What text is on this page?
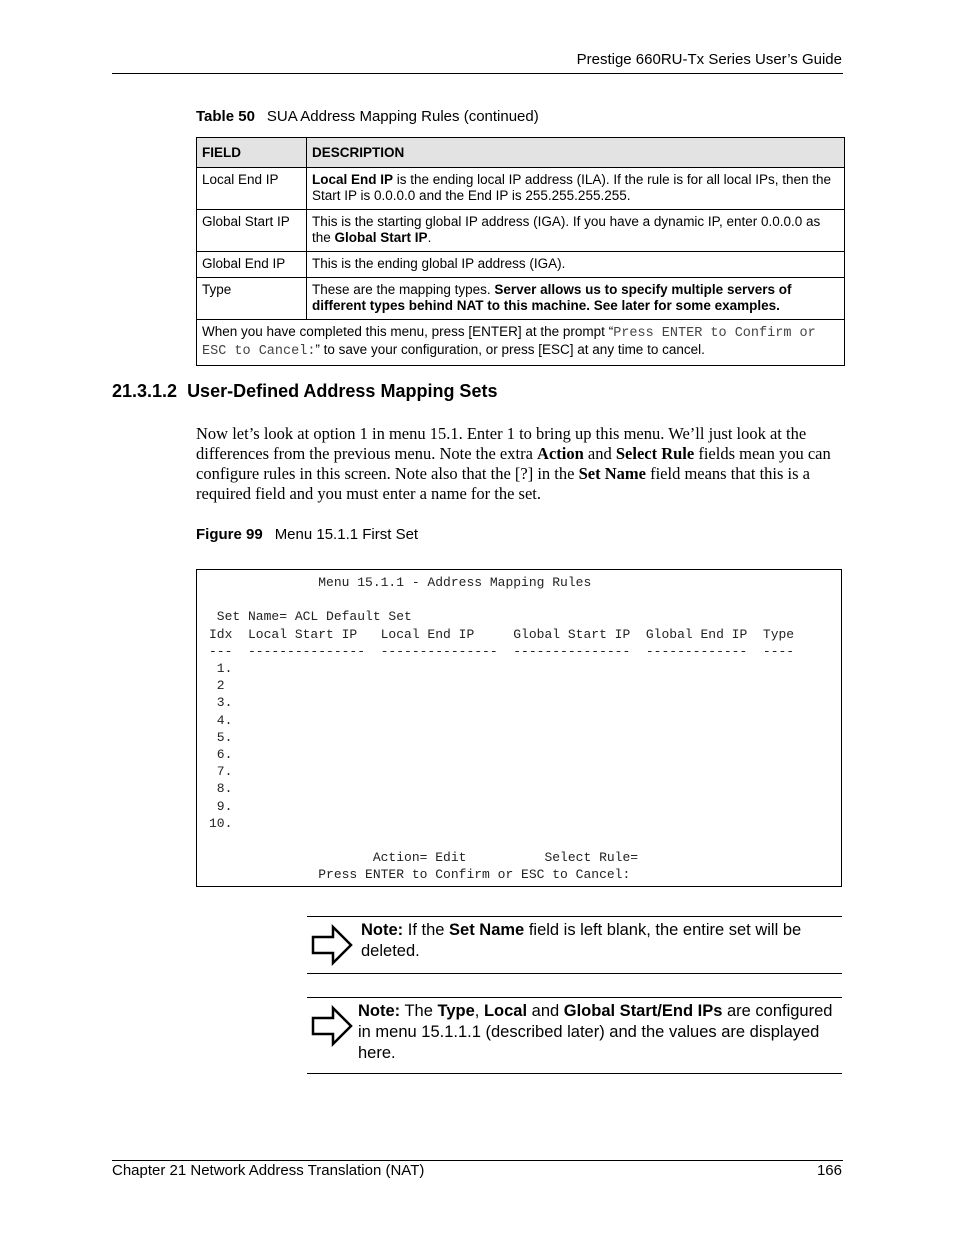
Prestige 660RU-Tx Series User’s Guide
Table 50 SUA Address Mapping Rules (continued)
FIELD	DESCRIPTION
Local End IP	Local End IP is the ending local IP address (ILA). If the rule is for all local IPs, then the Start IP is 0.0.0.0 and the End IP is 255.255.255.255.
Global Start IP	This is the starting global IP address (IGA). If you have a dynamic IP, enter 0.0.0.0 as the Global Start IP.
Global End IP	This is the ending global IP address (IGA).
Type	These are the mapping types. Server allows us to specify multiple servers of different types behind NAT to this machine. See later for some examples.
When you have completed this menu, press [ENTER] at the prompt “Press ENTER to Confirm or ESC to Cancel:” to save your configuration, or press [ESC] at any time to cancel.	
21.3.1.2 User-Defined Address Mapping Sets
Now let’s look at option 1 in menu 15.1. Enter 1 to bring up this menu. We’ll just look at the differences from the previous menu. Note the extra Action and Select Rule fields mean you can configure rules in this screen. Note also that the [?] in the Set Name field means that this is a required field and you must enter a name for the set.
Figure 99 Menu 15.1.1 First Set
Menu 15.1.1 - Address Mapping Rules

Set Name= ACL Default Set
Idx  Local Start IP   Local End IP     Global Start IP  Global End IP  Type
---  ---------------  ---------------  ---------------  -------------  ----
1.
2
3.
4.
5.
6.
7.
8.
9.
10.

Action= Edit          Select Rule=
Press ENTER to Confirm or ESC to Cancel:
Note: If the Set Name field is left blank, the entire set will be deleted.
Note: The Type, Local and Global Start/End IPs are configured in menu 15.1.1.1 (described later) and the values are displayed here.
Chapter 21 Network Address Translation (NAT)	166
